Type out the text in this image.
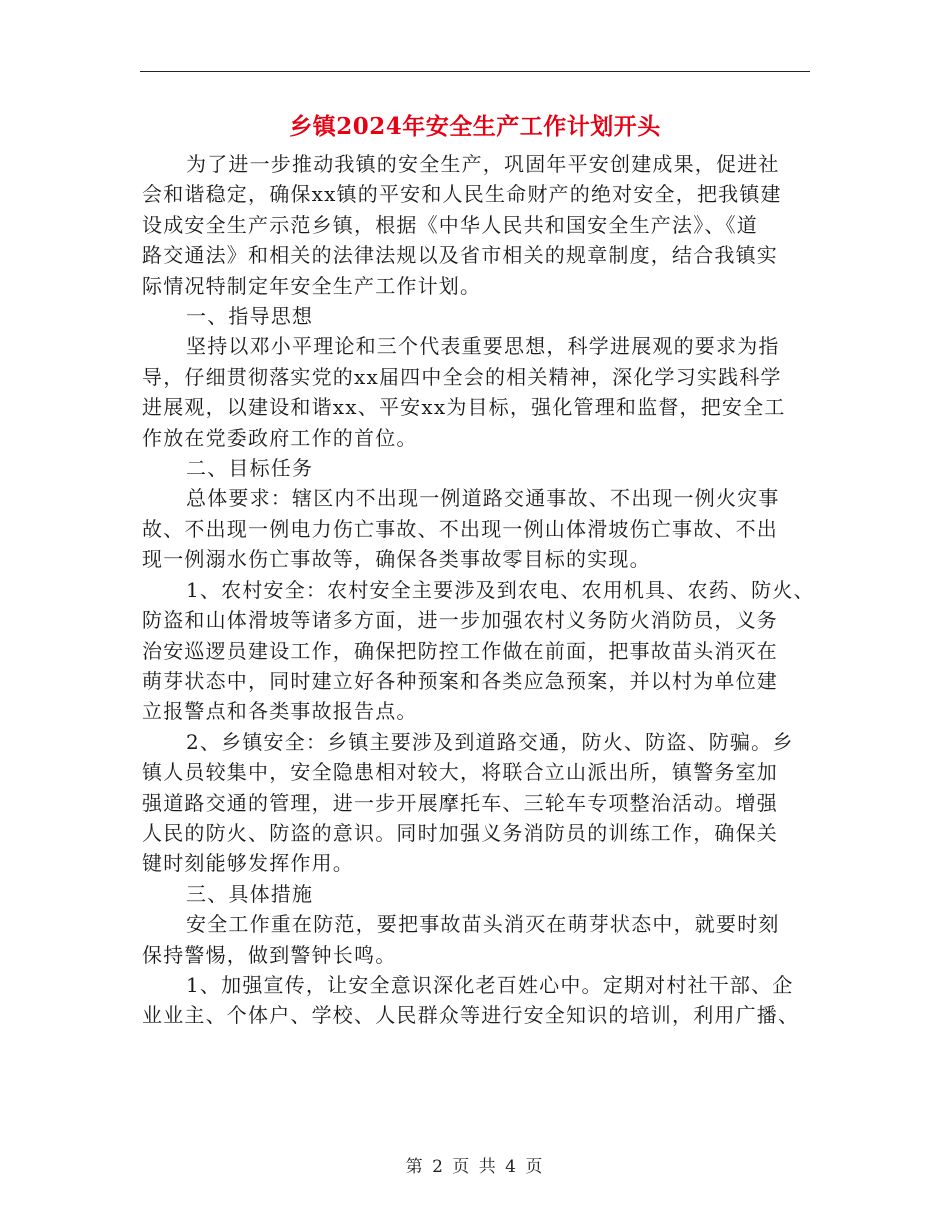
乡镇2024年安全生产工作计划开头

为了进一步推动我镇的安全生产，巩固年平安创建成果，促进社
会和谐稳定，确保xx镇的平安和人民生命财产的绝对安全，把我镇建
设成安全生产示范乡镇，根据《中华人民共和国安全生产法》、《道
路交通法》和相关的法律法规以及省市相关的规章制度，结合我镇实
际情况特制定年安全生产工作计划。

一、指导思想

坚持以邓小平理论和三个代表重要思想，科学进展观的要求为指
导，仔细贯彻落实党的xx届四中全会的相关精神，深化学习实践科学
进展观，以建设和谐xx、平安xx为目标，强化管理和监督，把安全工
作放在党委政府工作的首位。

二、目标任务

总体要求：辖区内不出现一例道路交通事故、不出现一例火灾事
故、不出现一例电力伤亡事故、不出现一例山体滑坡伤亡事故、不出
现一例溺水伤亡事故等，确保各类事故零目标的实现。

1、农村安全：农村安全主要涉及到农电、农用机具、农药、防火、
防盗和山体滑坡等诸多方面，进一步加强农村义务防火消防员，义务
治安巡逻员建设工作，确保把防控工作做在前面，把事故苗头消灭在
萌芽状态中，同时建立好各种预案和各类应急预案，并以村为单位建
立报警点和各类事故报告点。

2、乡镇安全：乡镇主要涉及到道路交通，防火、防盗、防骗。乡
镇人员较集中，安全隐患相对较大，将联合立山派出所，镇警务室加
强道路交通的管理，进一步开展摩托车、三轮车专项整治活动。增强
人民的防火、防盗的意识。同时加强义务消防员的训练工作，确保关
键时刻能够发挥作用。

三、具体措施

安全工作重在防范，要把事故苗头消灭在萌芽状态中，就要时刻
保持警惕，做到警钟长鸣。

1、加强宣传，让安全意识深化老百姓心中。定期对村社干部、企
业业主、个体户、学校、人民群众等进行安全知识的培训，利用广播、

第 2 页 共 4 页
